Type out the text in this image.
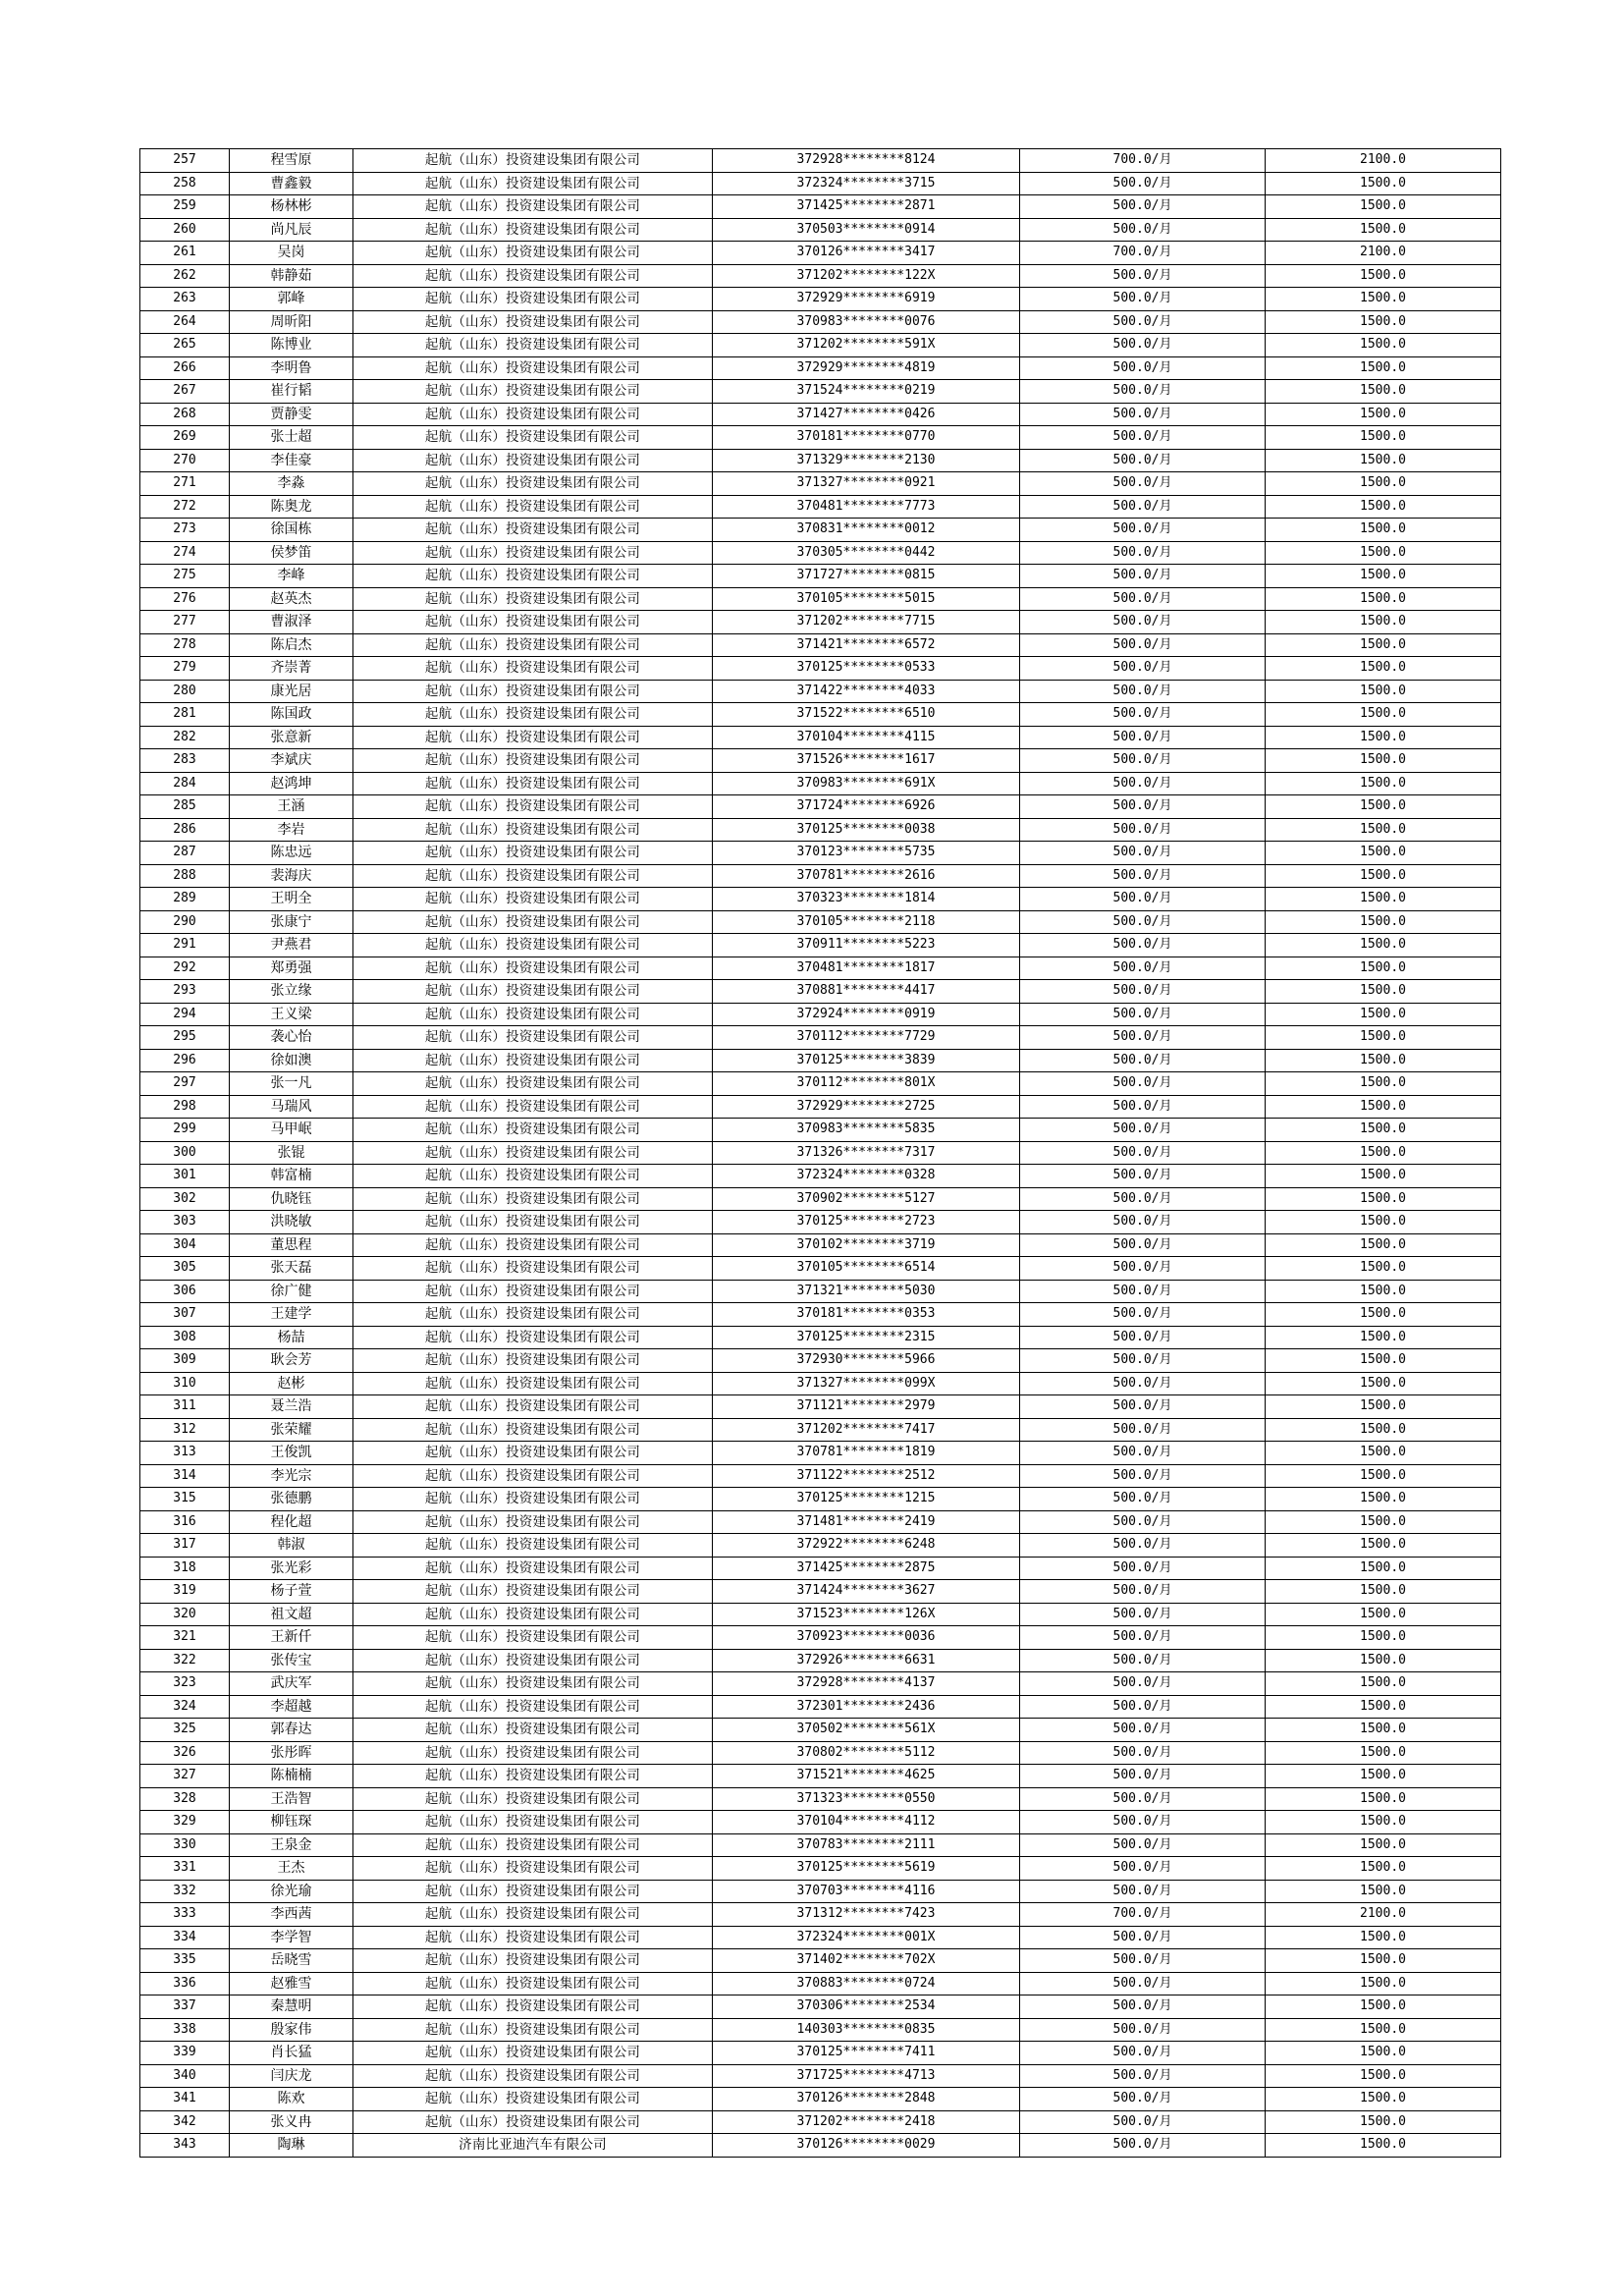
257	程雪原	起航（山东）投资建设集团有限公司	372928********8124	700.0/月	2100.0
258	曹鑫毅	起航（山东）投资建设集团有限公司	372324********3715	500.0/月	1500.0
259	杨林彬	起航（山东）投资建设集团有限公司	371425********2871	500.0/月	1500.0
260	尚凡辰	起航（山东）投资建设集团有限公司	370503********0914	500.0/月	1500.0
261	吴岗	起航（山东）投资建设集团有限公司	370126********3417	700.0/月	2100.0
262	韩静茹	起航（山东）投资建设集团有限公司	371202********122X	500.0/月	1500.0
263	郭峰	起航（山东）投资建设集团有限公司	372929********6919	500.0/月	1500.0
264	周昕阳	起航（山东）投资建设集团有限公司	370983********0076	500.0/月	1500.0
265	陈博业	起航（山东）投资建设集团有限公司	371202********591X	500.0/月	1500.0
266	李明鲁	起航（山东）投资建设集团有限公司	372929********4819	500.0/月	1500.0
267	崔行韬	起航（山东）投资建设集团有限公司	371524********0219	500.0/月	1500.0
268	贾静雯	起航（山东）投资建设集团有限公司	371427********0426	500.0/月	1500.0
269	张士超	起航（山东）投资建设集团有限公司	370181********0770	500.0/月	1500.0
270	李佳豪	起航（山东）投资建设集团有限公司	371329********2130	500.0/月	1500.0
271	李淼	起航（山东）投资建设集团有限公司	371327********0921	500.0/月	1500.0
272	陈奥龙	起航（山东）投资建设集团有限公司	370481********7773	500.0/月	1500.0
273	徐国栋	起航（山东）投资建设集团有限公司	370831********0012	500.0/月	1500.0
274	侯梦笛	起航（山东）投资建设集团有限公司	370305********0442	500.0/月	1500.0
275	李峰	起航（山东）投资建设集团有限公司	371727********0815	500.0/月	1500.0
276	赵英杰	起航（山东）投资建设集团有限公司	370105********5015	500.0/月	1500.0
277	曹淑泽	起航（山东）投资建设集团有限公司	371202********7715	500.0/月	1500.0
278	陈启杰	起航（山东）投资建设集团有限公司	371421********6572	500.0/月	1500.0
279	齐崇菁	起航（山东）投资建设集团有限公司	370125********0533	500.0/月	1500.0
280	康光居	起航（山东）投资建设集团有限公司	371422********4033	500.0/月	1500.0
281	陈国政	起航（山东）投资建设集团有限公司	371522********6510	500.0/月	1500.0
282	张意新	起航（山东）投资建设集团有限公司	370104********4115	500.0/月	1500.0
283	李斌庆	起航（山东）投资建设集团有限公司	371526********1617	500.0/月	1500.0
284	赵鸿坤	起航（山东）投资建设集团有限公司	370983********691X	500.0/月	1500.0
285	王涵	起航（山东）投资建设集团有限公司	371724********6926	500.0/月	1500.0
286	李岩	起航（山东）投资建设集团有限公司	370125********0038	500.0/月	1500.0
287	陈忠远	起航（山东）投资建设集团有限公司	370123********5735	500.0/月	1500.0
288	裴海庆	起航（山东）投资建设集团有限公司	370781********2616	500.0/月	1500.0
289	王明全	起航（山东）投资建设集团有限公司	370323********1814	500.0/月	1500.0
290	张康宁	起航（山东）投资建设集团有限公司	370105********2118	500.0/月	1500.0
291	尹燕君	起航（山东）投资建设集团有限公司	370911********5223	500.0/月	1500.0
292	郑勇强	起航（山东）投资建设集团有限公司	370481********1817	500.0/月	1500.0
293	张立缘	起航（山东）投资建设集团有限公司	370881********4417	500.0/月	1500.0
294	王义梁	起航（山东）投资建设集团有限公司	372924********0919	500.0/月	1500.0
295	袭心怡	起航（山东）投资建设集团有限公司	370112********7729	500.0/月	1500.0
296	徐如澳	起航（山东）投资建设集团有限公司	370125********3839	500.0/月	1500.0
297	张一凡	起航（山东）投资建设集团有限公司	370112********801X	500.0/月	1500.0
298	马瑞风	起航（山东）投资建设集团有限公司	372929********2725	500.0/月	1500.0
299	马甲岷	起航（山东）投资建设集团有限公司	370983********5835	500.0/月	1500.0
300	张锟	起航（山东）投资建设集团有限公司	371326********7317	500.0/月	1500.0
301	韩富楠	起航（山东）投资建设集团有限公司	372324********0328	500.0/月	1500.0
302	仇晓钰	起航（山东）投资建设集团有限公司	370902********5127	500.0/月	1500.0
303	洪晓敏	起航（山东）投资建设集团有限公司	370125********2723	500.0/月	1500.0
304	董思程	起航（山东）投资建设集团有限公司	370102********3719	500.0/月	1500.0
305	张天磊	起航（山东）投资建设集团有限公司	370105********6514	500.0/月	1500.0
306	徐广健	起航（山东）投资建设集团有限公司	371321********5030	500.0/月	1500.0
307	王建学	起航（山东）投资建设集团有限公司	370181********0353	500.0/月	1500.0
308	杨喆	起航（山东）投资建设集团有限公司	370125********2315	500.0/月	1500.0
309	耿会芳	起航（山东）投资建设集团有限公司	372930********5966	500.0/月	1500.0
310	赵彬	起航（山东）投资建设集团有限公司	371327********099X	500.0/月	1500.0
311	聂兰浩	起航（山东）投资建设集团有限公司	371121********2979	500.0/月	1500.0
312	张荣耀	起航（山东）投资建设集团有限公司	371202********7417	500.0/月	1500.0
313	王俊凯	起航（山东）投资建设集团有限公司	370781********1819	500.0/月	1500.0
314	李光宗	起航（山东）投资建设集团有限公司	371122********2512	500.0/月	1500.0
315	张德鹏	起航（山东）投资建设集团有限公司	370125********1215	500.0/月	1500.0
316	程化超	起航（山东）投资建设集团有限公司	371481********2419	500.0/月	1500.0
317	韩淑	起航（山东）投资建设集团有限公司	372922********6248	500.0/月	1500.0
318	张光彩	起航（山东）投资建设集团有限公司	371425********2875	500.0/月	1500.0
319	杨子萱	起航（山东）投资建设集团有限公司	371424********3627	500.0/月	1500.0
320	祖文超	起航（山东）投资建设集团有限公司	371523********126X	500.0/月	1500.0
321	王新仟	起航（山东）投资建设集团有限公司	370923********0036	500.0/月	1500.0
322	张传宝	起航（山东）投资建设集团有限公司	372926********6631	500.0/月	1500.0
323	武庆军	起航（山东）投资建设集团有限公司	372928********4137	500.0/月	1500.0
324	李超越	起航（山东）投资建设集团有限公司	372301********2436	500.0/月	1500.0
325	郭春达	起航（山东）投资建设集团有限公司	370502********561X	500.0/月	1500.0
326	张彤晖	起航（山东）投资建设集团有限公司	370802********5112	500.0/月	1500.0
327	陈楠楠	起航（山东）投资建设集团有限公司	371521********4625	500.0/月	1500.0
328	王浩智	起航（山东）投资建设集团有限公司	371323********0550	500.0/月	1500.0
329	柳钰琛	起航（山东）投资建设集团有限公司	370104********4112	500.0/月	1500.0
330	王泉金	起航（山东）投资建设集团有限公司	370783********2111	500.0/月	1500.0
331	王杰	起航（山东）投资建设集团有限公司	370125********5619	500.0/月	1500.0
332	徐光瑜	起航（山东）投资建设集团有限公司	370703********4116	500.0/月	1500.0
333	李西茜	起航（山东）投资建设集团有限公司	371312********7423	700.0/月	2100.0
334	李学智	起航（山东）投资建设集团有限公司	372324********001X	500.0/月	1500.0
335	岳晓雪	起航（山东）投资建设集团有限公司	371402********702X	500.0/月	1500.0
336	赵雅雪	起航（山东）投资建设集团有限公司	370883********0724	500.0/月	1500.0
337	秦慧明	起航（山东）投资建设集团有限公司	370306********2534	500.0/月	1500.0
338	殷家伟	起航（山东）投资建设集团有限公司	140303********0835	500.0/月	1500.0
339	肖长猛	起航（山东）投资建设集团有限公司	370125********7411	500.0/月	1500.0
340	闫庆龙	起航（山东）投资建设集团有限公司	371725********4713	500.0/月	1500.0
341	陈欢	起航（山东）投资建设集团有限公司	370126********2848	500.0/月	1500.0
342	张义冉	起航（山东）投资建设集团有限公司	371202********2418	500.0/月	1500.0
343	陶琳	济南比亚迪汽车有限公司	370126********0029	500.0/月	1500.0
